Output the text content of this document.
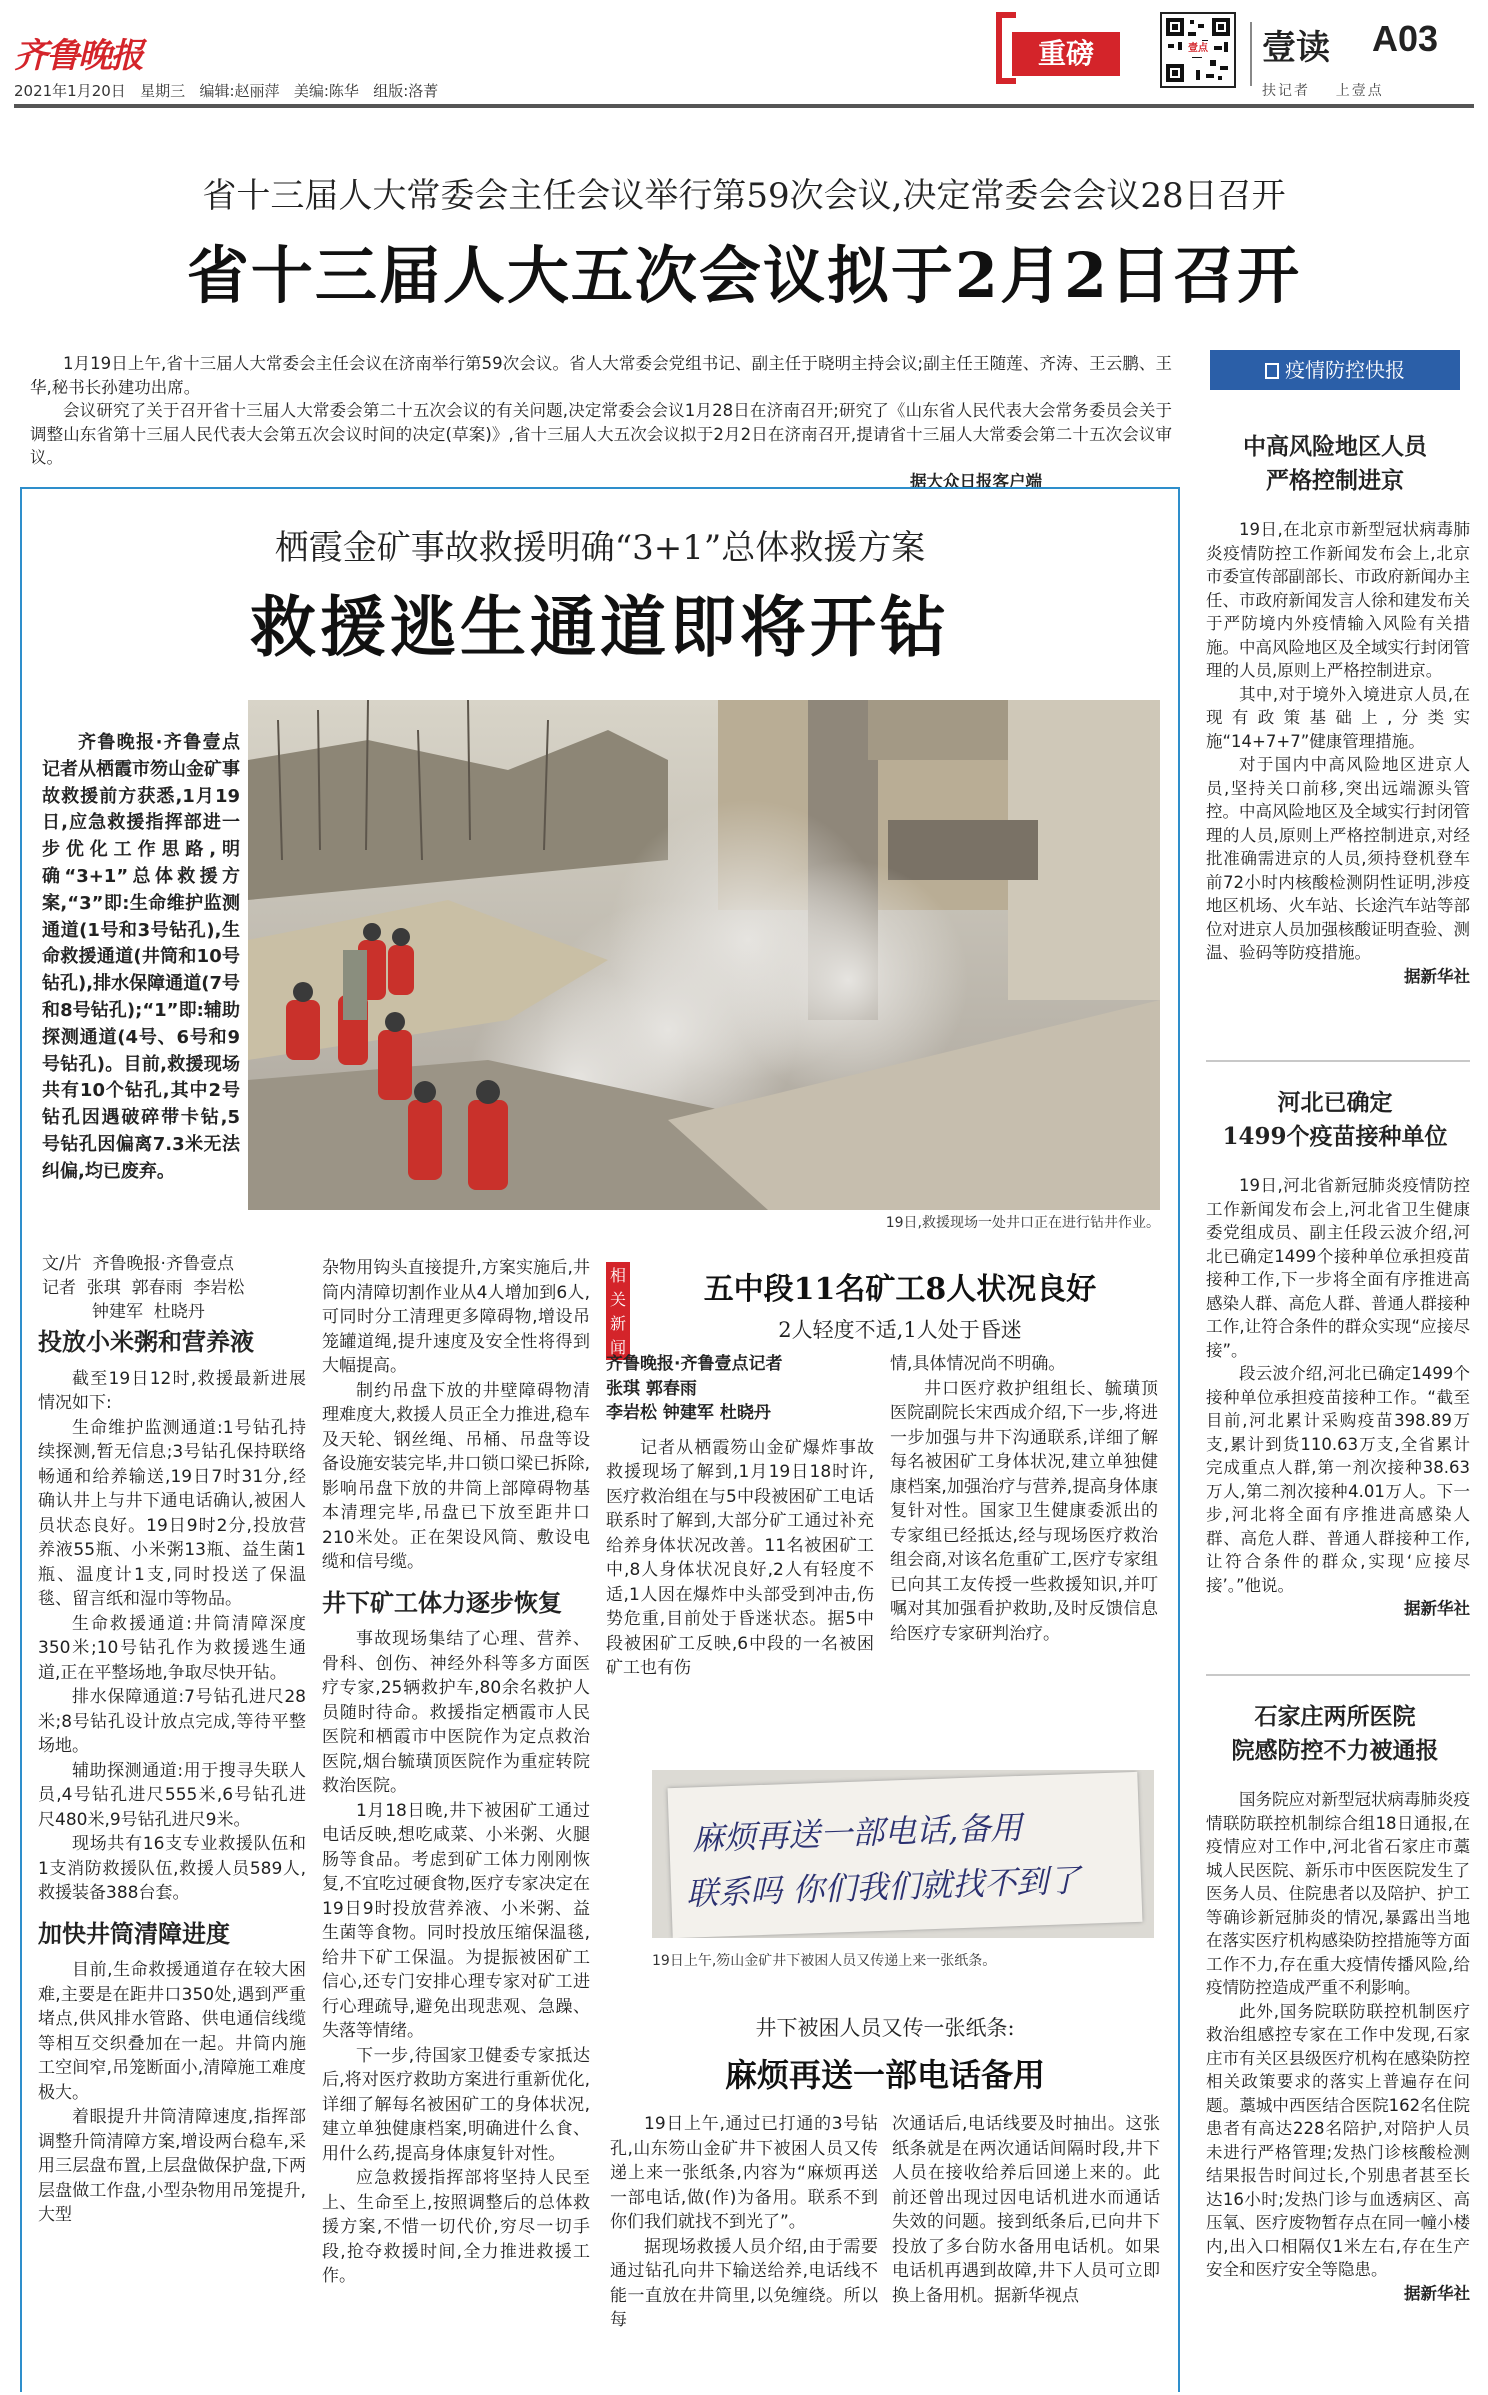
齐鲁晚报
2021年1月20日 星期三 编辑:赵丽萍 美编:陈华 组版:洛菁
重磅	壹点 壹读 A03
扶记者    上壹点
省十三届人大常委会主任会议举行第59次会议,决定常委会会议28日召开
省十三届人大五次会议拟于2月2日召开

1月19日上午,省十三届人大常委会主任会议在济南举行第59次会议。省人大常委会党组书记、副主任于晓明主持会议;副主任王随莲、齐涛、王云鹏、王华,秘书长孙建功出席。

会议研究了关于召开省十三届人大常委会第二十五次会议的有关问题,决定常委会会议1月28日在济南召开;研究了《山东省人民代表大会常务委员会关于调整山东省第十三届人民代表大会第五次会议时间的决定(草案)》,省十三届人大五次会议拟于2月2日在济南召开,提请省十三届人大常委会第二十五次会议审议。

据大众日报客户端

栖霞金矿事故救援明确“3+1”总体救援方案
救援逃生通道即将开钻
齐鲁晚报·齐鲁壹点记者从栖霞市笏山金矿事故救援前方获悉,1月19日,应急救援指挥部进一步优化工作思路,明确“3+1”总体救援方案,“3”即:生命维护监测通道(1号和3号钻孔),生命救援通道(井筒和10号钻孔),排水保障通道(7号和8号钻孔);“1”即:辅助探测通道(4号、6号和9号钻孔)。目前,救援现场共有10个钻孔,其中2号钻孔因遇破碎带卡钻,5号钻孔因偏离7.3米无法纠偏,均已废弃。
19日,救援现场一处井口正在进行钻井作业。
文/片  齐鲁晚报·齐鲁壹点
记者  张琪  郭春雨  李岩松
钟建军  杜晓丹
投放小米粥和营养液

截至19日12时,救援最新进展情况如下:

生命维护监测通道:1号钻孔持续探测,暂无信息;3号钻孔保持联络畅通和给养输送,19日7时31分,经确认井上与井下通电话确认,被困人员状态良好。19日9时2分,投放营养液55瓶、小米粥13瓶、益生菌1瓶、温度计1支,同时投送了保温毯、留言纸和湿巾等物品。

生命救援通道:井筒清障深度350米;10号钻孔作为救援逃生通道,正在平整场地,争取尽快开钻。

排水保障通道:7号钻孔进尺28米;8号钻孔设计放点完成,等待平整场地。

辅助探测通道:用于搜寻失联人员,4号钻孔进尺555米,6号钻孔进尺480米,9号钻孔进尺9米。

现场共有16支专业救援队伍和1支消防救援队伍,救援人员589人,救援装备388台套。

加快井筒清障进度

目前,生命救援通道存在较大困难,主要是在距井口350处,遇到严重堵点,供风排水管路、供电通信线缆等相互交织叠加在一起。井筒内施工空间窄,吊笼断面小,清障施工难度极大。

着眼提升井筒清障速度,指挥部调整升筒清障方案,增设两台稳车,采用三层盘布置,上层盘做保护盘,下两层盘做工作盘,小型杂物用吊笼提升,大型

杂物用钩头直接提升,方案实施后,井筒内清障切割作业从4人增加到6人,可同时分工清理更多障碍物,增设吊笼罐道绳,提升速度及安全性将得到大幅提高。

制约吊盘下放的井壁障碍物清理难度大,救援人员正全力推进,稳车及天轮、钢丝绳、吊桶、吊盘等设备设施安装完毕,井口锁口梁已拆除,影响吊盘下放的井筒上部障碍物基本清理完毕,吊盘已下放至距井口210米处。正在架设风筒、敷设电缆和信号缆。

井下矿工体力逐步恢复

事故现场集结了心理、营养、骨科、创伤、神经外科等多方面医疗专家,25辆救护车,80余名救护人员随时待命。救援指定栖霞市人民医院和栖霞市中医院作为定点救治医院,烟台毓璜顶医院作为重症转院救治医院。

1月18日晚,井下被困矿工通过电话反映,想吃咸菜、小米粥、火腿肠等食品。考虑到矿工体力刚刚恢复,不宜吃过硬食物,医疗专家决定在19日9时投放营养液、小米粥、益生菌等食物。同时投放压缩保温毯,给井下矿工保温。为提振被困矿工信心,还专门安排心理专家对矿工进行心理疏导,避免出现悲观、急躁、失落等情绪。

下一步,待国家卫健委专家抵达后,将对医疗救助方案进行重新优化,详细了解每名被困矿工的身体状况,建立单独健康档案,明确进什么食、用什么药,提高身体康复针对性。

应急救援指挥部将坚持人民至上、生命至上,按照调整后的总体救援方案,不惜一切代价,穷尽一切手段,抢夺救援时间,全力推进救援工作。

相关新闻
五中段11名矿工8人状况良好
2人轻度不适,1人处于昏迷
齐鲁晚报·齐鲁壹点记者
张琪 郭春雨
李岩松 钟建军 杜晓丹

记者从栖霞笏山金矿爆炸事故救援现场了解到,1月19日18时许,医疗救治组在与5中段被困矿工电话联系时了解到,大部分矿工通过补充给养身体状况改善。11名被困矿工中,8人身体状况良好,2人有轻度不适,1人因在爆炸中头部受到冲击,伤势危重,目前处于昏迷状态。据5中段被困矿工反映,6中段的一名被困矿工也有伤

情,具体情况尚不明确。

井口医疗救护组组长、毓璜顶医院副院长宋西成介绍,下一步,将进一步加强与井下沟通联系,详细了解每名被困矿工身体状况,建立单独健康档案,加强治疗与营养,提高身体康复针对性。国家卫生健康委派出的专家组已经抵达,经与现场医疗救治组会商,对该名危重矿工,医疗专家组已向其工友传授一些救援知识,并叮嘱对其加强看护救助,及时反馈信息给医疗专家研判治疗。

麻烦再送一部电话,备用
联系吗 你们我们就找不到了
19日上午,笏山金矿井下被困人员又传递上来一张纸条。
井下被困人员又传一张纸条:
麻烦再送一部电话备用

19日上午,通过已打通的3号钻孔,山东笏山金矿井下被困人员又传递上来一张纸条,内容为“麻烦再送一部电话,做(作)为备用。联系不到你们我们就找不到光了”。

据现场救援人员介绍,由于需要通过钻孔向井下输送给养,电话线不能一直放在井筒里,以免缠绕。所以每

次通话后,电话线要及时抽出。这张纸条就是在两次通话间隔时段,井下人员在接收给养后回递上来的。此前还曾出现过因电话机进水而通话失效的问题。接到纸条后,已向井下投放了多台防水备用电话机。如果电话机再遇到故障,井下人员可立即换上备用机。据新华视点

疫情防控快报
中高风险地区人员
严格控制进京

19日,在北京市新型冠状病毒肺炎疫情防控工作新闻发布会上,北京市委宣传部副部长、市政府新闻办主任、市政府新闻发言人徐和建发布关于严防境内外疫情输入风险有关措施。中高风险地区及全域实行封闭管理的人员,原则上严格控制进京。

其中,对于境外入境进京人员,在现有政策基础上,分类实施“14+7+7”健康管理措施。

对于国内中高风险地区进京人员,坚持关口前移,突出远端源头管控。中高风险地区及全域实行封闭管理的人员,原则上严格控制进京,对经批准确需进京的人员,须持登机登车前72小时内核酸检测阴性证明,涉疫地区机场、火车站、长途汽车站等部位对进京人员加强核酸证明查验、测温、验码等防疫措施。

据新华社

河北已确定
1499个疫苗接种单位

19日,河北省新冠肺炎疫情防控工作新闻发布会上,河北省卫生健康委党组成员、副主任段云波介绍,河北已确定1499个接种单位承担疫苗接种工作,下一步将全面有序推进高感染人群、高危人群、普通人群接种工作,让符合条件的群众实现“应接尽接”。

段云波介绍,河北已确定1499个接种单位承担疫苗接种工作。“截至目前,河北累计采购疫苗398.89万支,累计到货110.63万支,全省累计完成重点人群,第一剂次接种38.63万人,第二剂次接种4.01万人。下一步,河北将全面有序推进高感染人群、高危人群、普通人群接种工作,让符合条件的群众,实现‘应接尽接’。”他说。

据新华社

石家庄两所医院
院感防控不力被通报

国务院应对新型冠状病毒肺炎疫情联防联控机制综合组18日通报,在疫情应对工作中,河北省石家庄市藁城人民医院、新乐市中医医院发生了医务人员、住院患者以及陪护、护工等确诊新冠肺炎的情况,暴露出当地在落实医疗机构感染防控措施等方面工作不力,存在重大疫情传播风险,给疫情防控造成严重不利影响。

此外,国务院联防联控机制医疗救治组感控专家在工作中发现,石家庄市有关区县级医疗机构在感染防控相关政策要求的落实上普遍存在问题。藁城中西医结合医院162名住院患者有高达228名陪护,对陪护人员未进行严格管理;发热门诊核酸检测结果报告时间过长,个别患者甚至长达16小时;发热门诊与血透病区、高压氧、医疗废物暂存点在同一幢小楼内,出入口相隔仅1米左右,存在生产安全和医疗安全等隐患。

据新华社
